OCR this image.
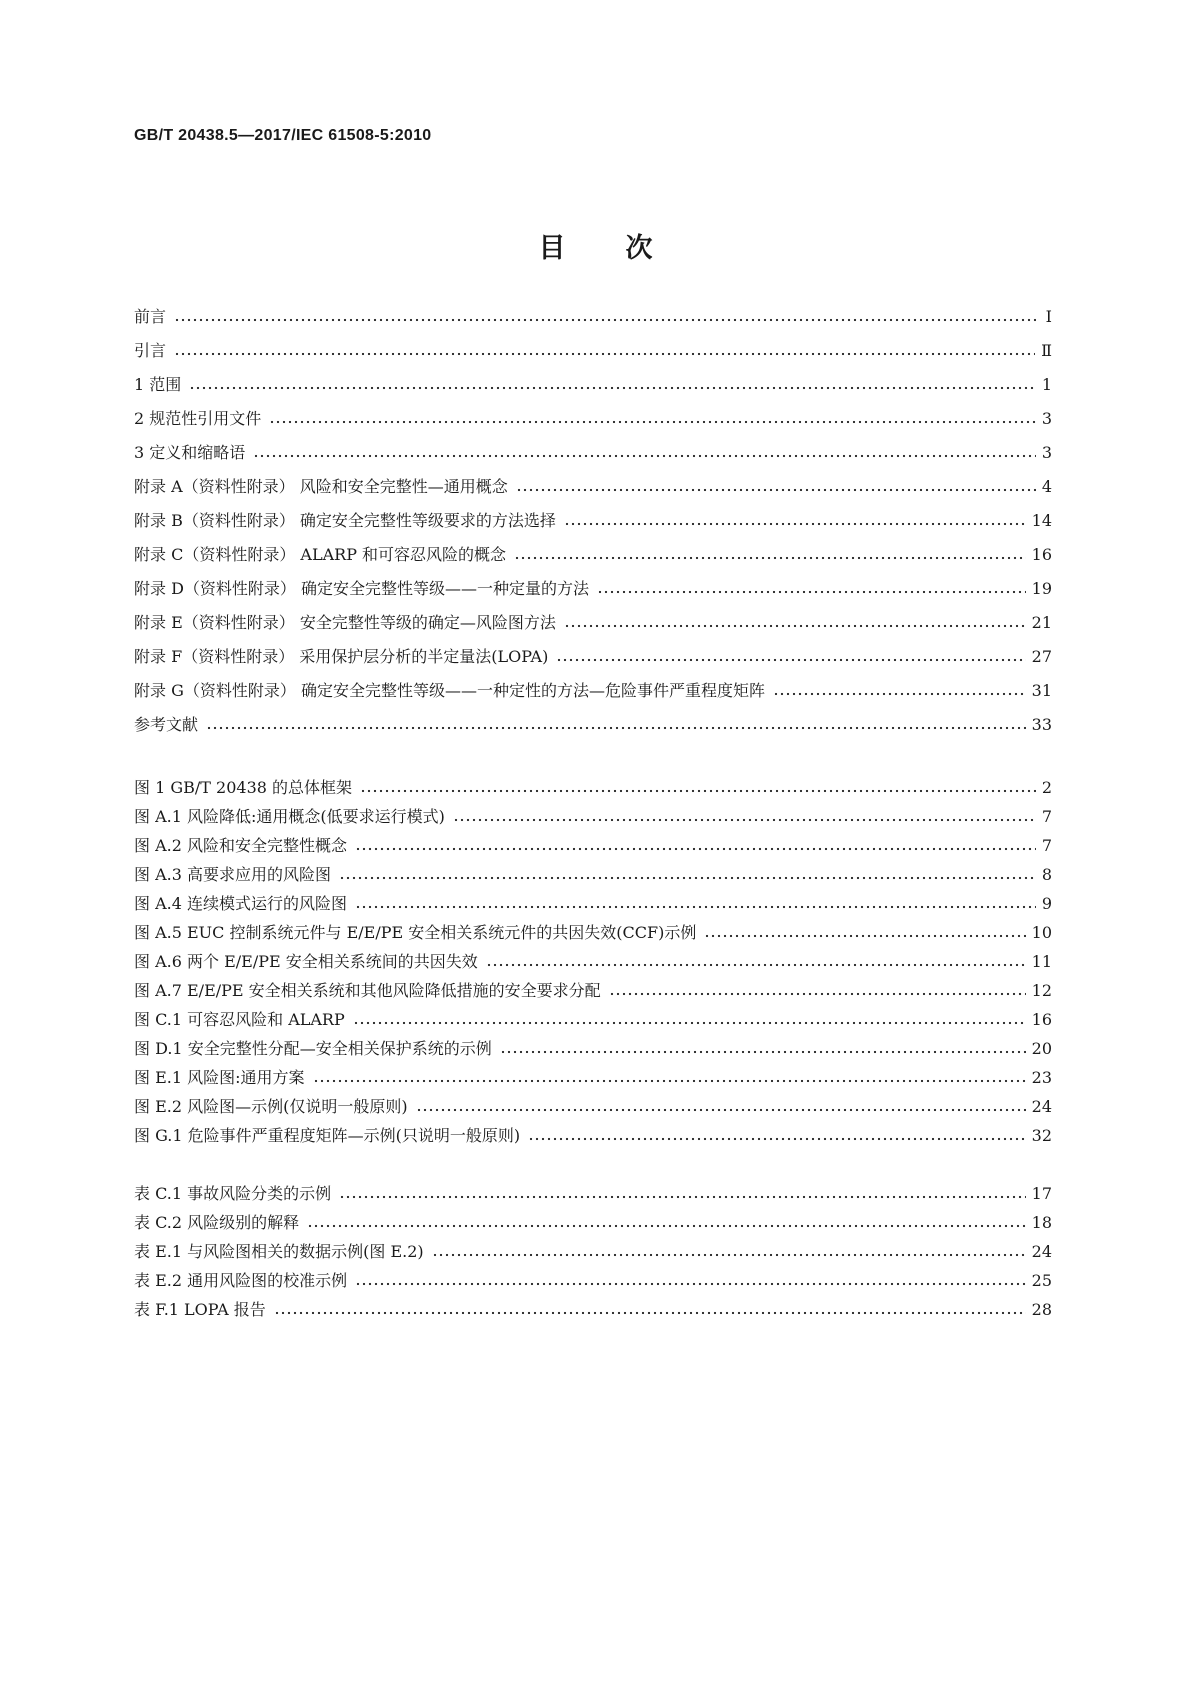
GB/T 20438.5—2017/IEC 61508-5:2010
目次
前言	Ⅰ
引言	Ⅱ
1 范围	1
2 规范性引用文件	3
3 定义和缩略语	3
附录 A（资料性附录） 风险和安全完整性—通用概念	4
附录 B（资料性附录） 确定安全完整性等级要求的方法选择	14
附录 C（资料性附录） ALARP 和可容忍风险的概念	16
附录 D（资料性附录） 确定安全完整性等级——一种定量的方法	19
附录 E（资料性附录） 安全完整性等级的确定—风险图方法	21
附录 F（资料性附录） 采用保护层分析的半定量法(LOPA)	27
附录 G（资料性附录） 确定安全完整性等级——一种定性的方法—危险事件严重程度矩阵	31
参考文献	33
图 1 GB/T 20438 的总体框架	2
图 A.1 风险降低:通用概念(低要求运行模式)	7
图 A.2 风险和安全完整性概念	7
图 A.3 高要求应用的风险图	8
图 A.4 连续模式运行的风险图	9
图 A.5 EUC 控制系统元件与 E/E/PE 安全相关系统元件的共因失效(CCF)示例	10
图 A.6 两个 E/E/PE 安全相关系统间的共因失效	11
图 A.7 E/E/PE 安全相关系统和其他风险降低措施的安全要求分配	12
图 C.1 可容忍风险和 ALARP	16
图 D.1 安全完整性分配—安全相关保护系统的示例	20
图 E.1 风险图:通用方案	23
图 E.2 风险图—示例(仅说明一般原则)	24
图 G.1 危险事件严重程度矩阵—示例(只说明一般原则)	32
表 C.1 事故风险分类的示例	17
表 C.2 风险级别的解释	18
表 E.1 与风险图相关的数据示例(图 E.2)	24
表 E.2 通用风险图的校准示例	25
表 F.1 LOPA 报告	28
